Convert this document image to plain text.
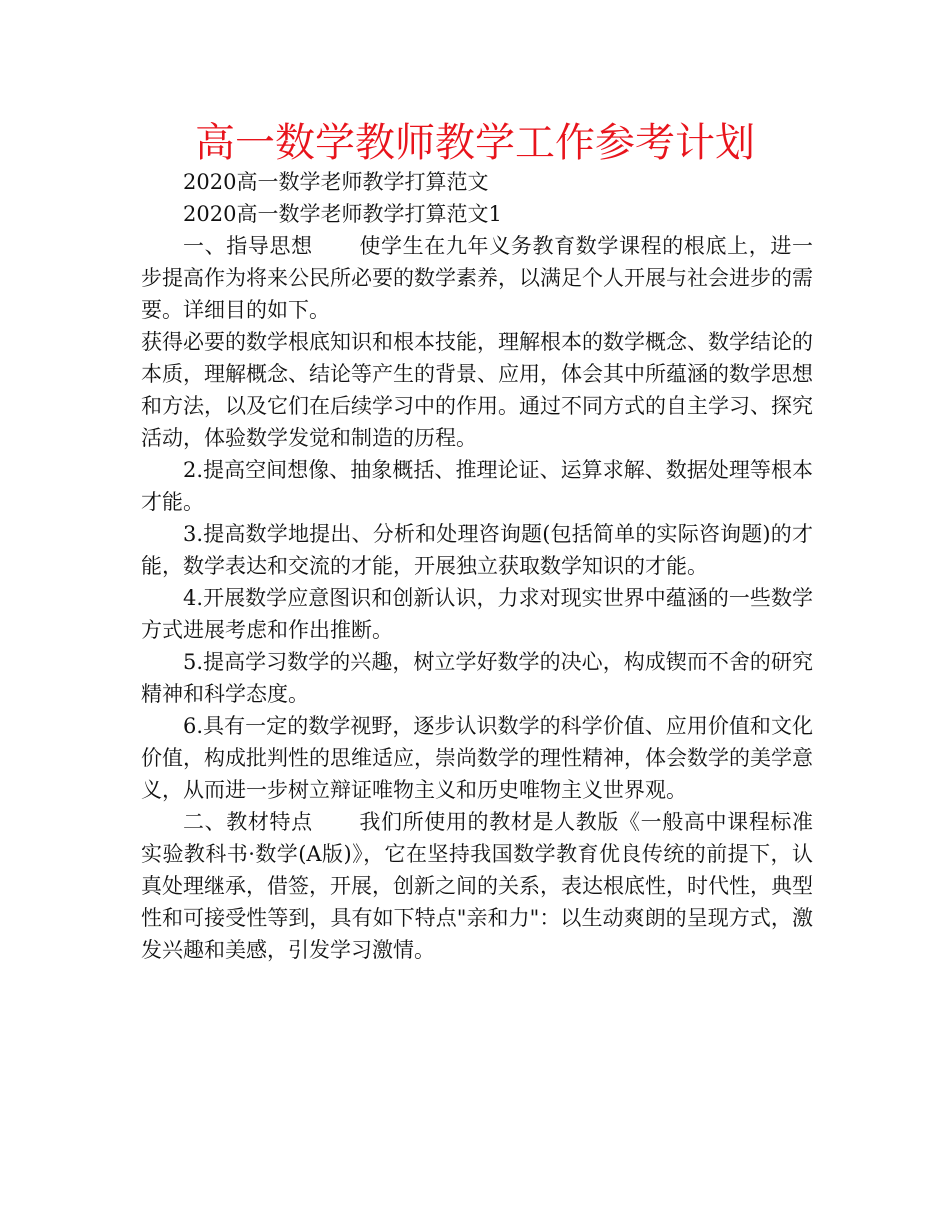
高一数学教师教学工作参考计划

2020高一数学老师教学打算范文

2020高一数学老师教学打算范文1

一、指导思想 使学生在九年义务教育数学课程的根底上，进一步提高作为将来公民所必要的数学素养，以满足个人开展与社会进步的需要。详细目的如下。

获得必要的数学根底知识和根本技能，理解根本的数学概念、数学结论的本质，理解概念、结论等产生的背景、应用，体会其中所蕴涵的数学思想和方法，以及它们在后续学习中的作用。通过不同方式的自主学习、探究活动，体验数学发觉和制造的历程。

2.提高空间想像、抽象概括、推理论证、运算求解、数据处理等根本才能。

3.提高数学地提出、分析和处理咨询题(包括简单的实际咨询题)的才能，数学表达和交流的才能，开展独立获取数学知识的才能。

4.开展数学应意图识和创新认识，力求对现实世界中蕴涵的一些数学方式进展考虑和作出推断。

5.提高学习数学的兴趣，树立学好数学的决心，构成锲而不舍的研究精神和科学态度。

6.具有一定的数学视野，逐步认识数学的科学价值、应用价值和文化价值，构成批判性的思维适应，崇尚数学的理性精神，体会数学的美学意义，从而进一步树立辩证唯物主义和历史唯物主义世界观。

二、教材特点 我们所使用的教材是人教版《一般高中课程标准实验教科书·数学(A版)》，它在坚持我国数学教育优良传统的前提下，认真处理继承，借签，开展，创新之间的关系，表达根底性，时代性，典型性和可接受性等到，具有如下特点"亲和力"：以生动爽朗的呈现方式，激发兴趣和美感，引发学习激情。
